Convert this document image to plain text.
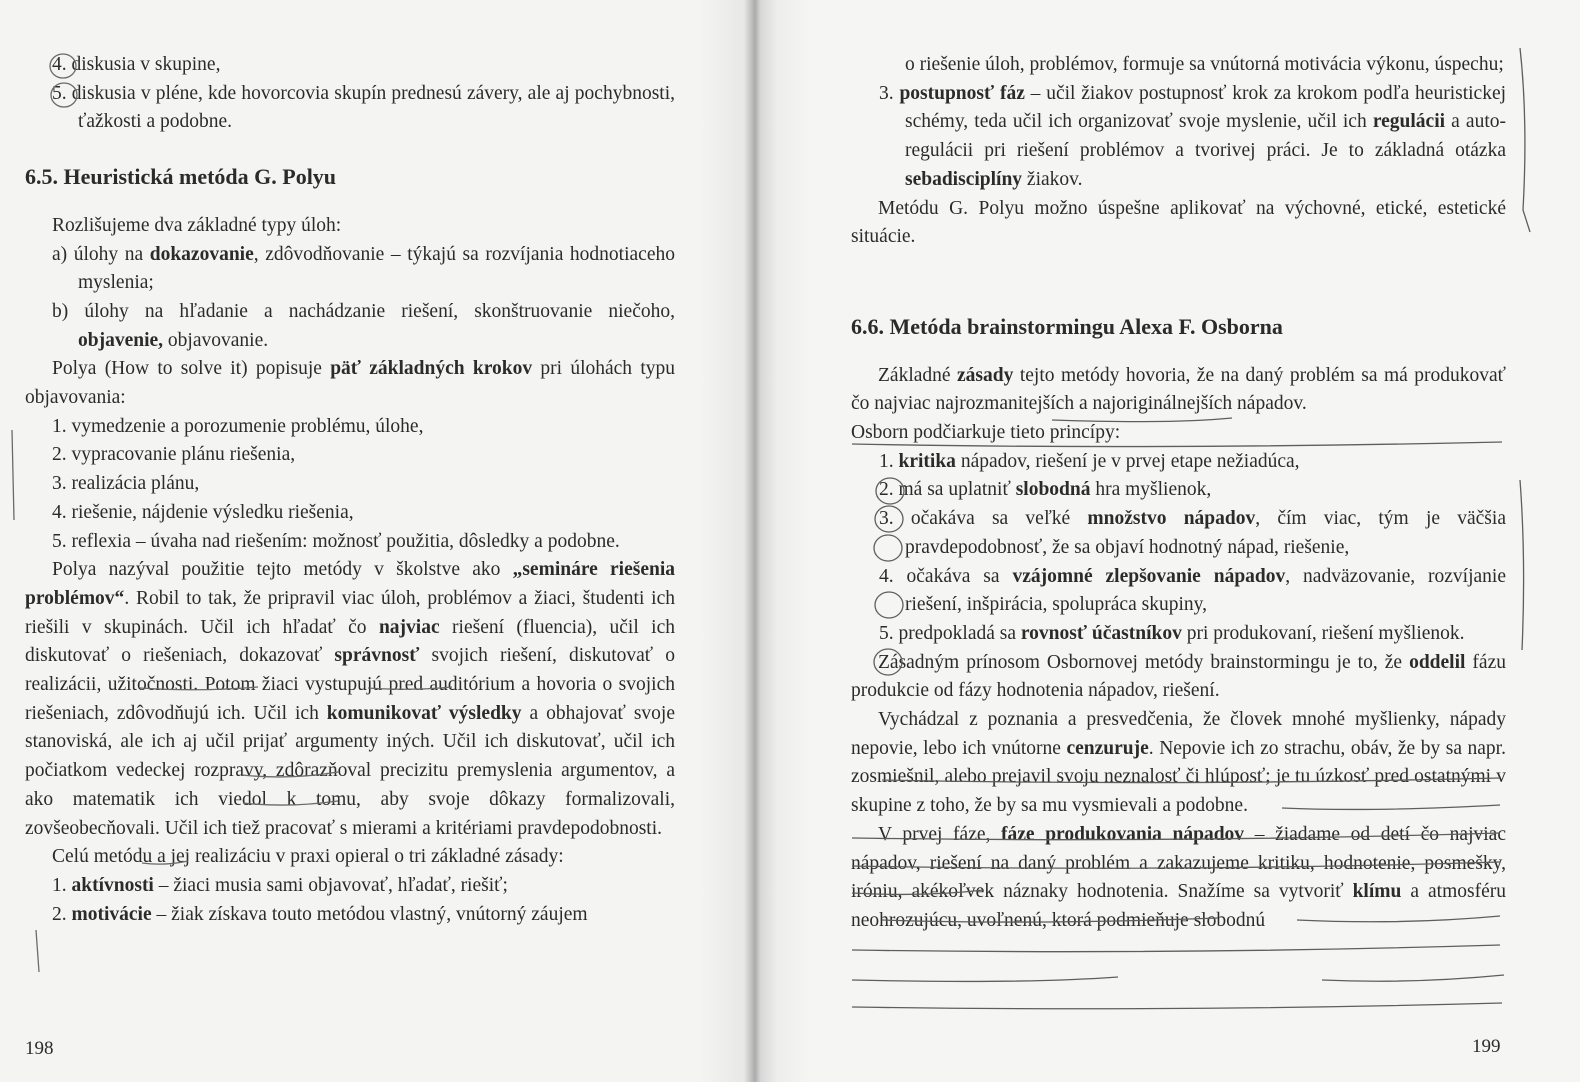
4. diskusia v skupine,

5. diskusia v pléne, kde hovorcovia skupín prednesú závery, ale aj pochybnosti, ťažkosti a podobne.

6.5. Heuristická metóda G. Polyu

Rozlišujeme dva základné typy úloh:

a) úlohy na dokazovanie, zdôvodňovanie – týkajú sa rozvíjania hodnotiaceho myslenia;

b) úlohy na hľadanie a nachádzanie riešení, skonštruovanie niečoho, objavenie, objavovanie.

Polya (How to solve it) popisuje päť základných krokov pri úlohách typu objavovania:

1. vymedzenie a porozumenie problému, úlohe,

2. vypracovanie plánu riešenia,

3. realizácia plánu,

4. riešenie, nájdenie výsledku riešenia,

5. reflexia – úvaha nad riešením: možnosť použitia, dôsledky a podobne.

Polya nazýval použitie tejto metódy v školstve ako „semináre riešenia problémov“. Robil to tak, že pripravil viac úloh, problémov a žiaci, študenti ich riešili v skupinách. Učil ich hľadať čo najviac riešení (fluencia), učil ich diskutovať o riešeniach, dokazovať správnosť svojich riešení, diskutovať o realizácii, užitočnosti. Potom žiaci vystupujú pred auditórium a hovoria o svojich riešeniach, zdôvodňujú ich. Učil ich komunikovať výsledky a obhajovať svoje stanoviská, ale ich aj učil prijať argumenty iných. Učil ich diskutovať, učil ich počiatkom vedeckej rozpravy, zdôrazňoval precizitu premyslenia argumentov, a ako matematik ich viedol k tomu, aby svoje dôkazy formalizovali, zovšeobecňovali. Učil ich tiež pracovať s mierami a kritériami pravdepodobnosti.

Celú metódu a jej realizáciu v praxi opieral o tri základné zásady:

1. aktívnosti – žiaci musia sami objavovať, hľadať, riešiť;

2. motivácie – žiak získava touto metódou vlastný, vnútorný záujem

198

o riešenie úloh, problémov, formuje sa vnútorná motivácia výkonu, úspechu;

3. postupnosť fáz – učil žiakov postupnosť krok za krokom podľa heuristickej schémy, teda učil ich organizovať svoje myslenie, učil ich regulácii a auto-regulácii pri riešení problémov a tvorivej práci. Je to základná otázka sebadisciplíny žiakov.

Metódu G. Polyu možno úspešne aplikovať na výchovné, etické, estetické situácie.

6.6. Metóda brainstormingu Alexa F. Osborna

Základné zásady tejto metódy hovoria, že na daný problém sa má produkovať čo najviac najrozmanitejších a najoriginálnejších nápadov.

Osborn podčiarkuje tieto princípy:

1. kritika nápadov, riešení je v prvej etape nežiadúca,

2. má sa uplatniť slobodná hra myšlienok,

3. očakáva sa veľké množstvo nápadov, čím viac, tým je väčšia pravdepodobnosť, že sa objaví hodnotný nápad, riešenie,

4. očakáva sa vzájomné zlepšovanie nápadov, nadväzovanie, rozvíjanie riešení, inšpirácia, spolupráca skupiny,

5. predpokladá sa rovnosť účastníkov pri produkovaní, riešení myšlienok.

Zásadným prínosom Osbornovej metódy brainstormingu je to, že oddelil fázu produkcie od fázy hodnotenia nápadov, riešení.

Vychádzal z poznania a presvedčenia, že človek mnohé myšlienky, nápady nepovie, lebo ich vnútorne cenzuruje. Nepovie ich zo strachu, obáv, že by sa napr. zosmiešnil, alebo prejavil svoju neznalosť či hlúposť; je tu úzkosť pred ostatnými v skupine z toho, že by sa mu vysmievali a podobne.

V prvej fáze, fáze produkovania nápadov – žiadame od detí čo najviac nápadov, riešení na daný problém a zakazujeme kritiku, hodnotenie, posmešky, iróniu, akékoľvek náznaky hodnotenia. Snažíme sa vytvoriť klímu a atmosféru neohrozujúcu, uvoľnenú, ktorá podmieňuje slobodnú

199
